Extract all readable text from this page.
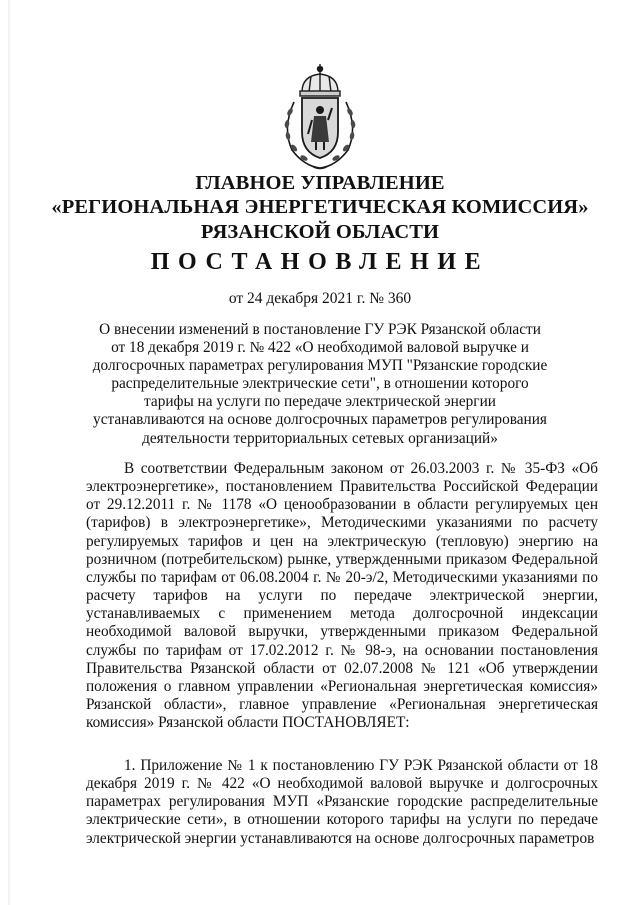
ГЛАВНОЕ УПРАВЛЕНИЕ
«РЕГИОНАЛЬНАЯ ЭНЕРГЕТИЧЕСКАЯ КОМИССИЯ»
РЯЗАНСКОЙ ОБЛАСТИ
ПОСТАНОВЛЕНИЕ
от 24 декабря 2021 г. № 360
О внесении изменений в постановление ГУ РЭК Рязанской области от 18 декабря 2019 г. № 422 «О необходимой валовой выручке и долгосрочных параметрах регулирования МУП "Рязанские городские распределительные электрические сети", в отношении которого тарифы на услуги по передаче электрической энергии устанавливаются на основе долгосрочных параметров регулирования деятельности территориальных сетевых организаций»
В соответствии Федеральным законом от 26.03.2003 г. № 35-ФЗ «Об электроэнергетике», постановлением Правительства Российской Федерации от 29.12.2011 г. № 1178 «О ценообразовании в области регулируемых цен (тарифов) в электроэнергетике», Методическими указаниями по расчету регулируемых тарифов и цен на электрическую (тепловую) энергию на розничном (потребительском) рынке, утвержденными приказом Федеральной службы по тарифам от 06.08.2004 г. № 20-э/2, Методическими указаниями по расчету тарифов на услуги по передаче электрической энергии, устанавливаемых с применением метода долгосрочной индексации необходимой валовой выручки, утвержденными приказом Федеральной службы по тарифам от 17.02.2012 г. № 98-э, на основании постановления Правительства Рязанской области от 02.07.2008 № 121 «Об утверждении положения о главном управлении «Региональная энергетическая комиссия» Рязанской области», главное управление «Региональная энергетическая комиссия» Рязанской области ПОСТАНОВЛЯЕТ:
1. Приложение № 1 к постановлению ГУ РЭК Рязанской области от 18 декабря 2019 г. № 422 «О необходимой валовой выручке и долгосрочных параметрах регулирования МУП «Рязанские городские распределительные электрические сети», в отношении которого тарифы на услуги по передаче электрической энергии устанавливаются на основе долгосрочных параметров
